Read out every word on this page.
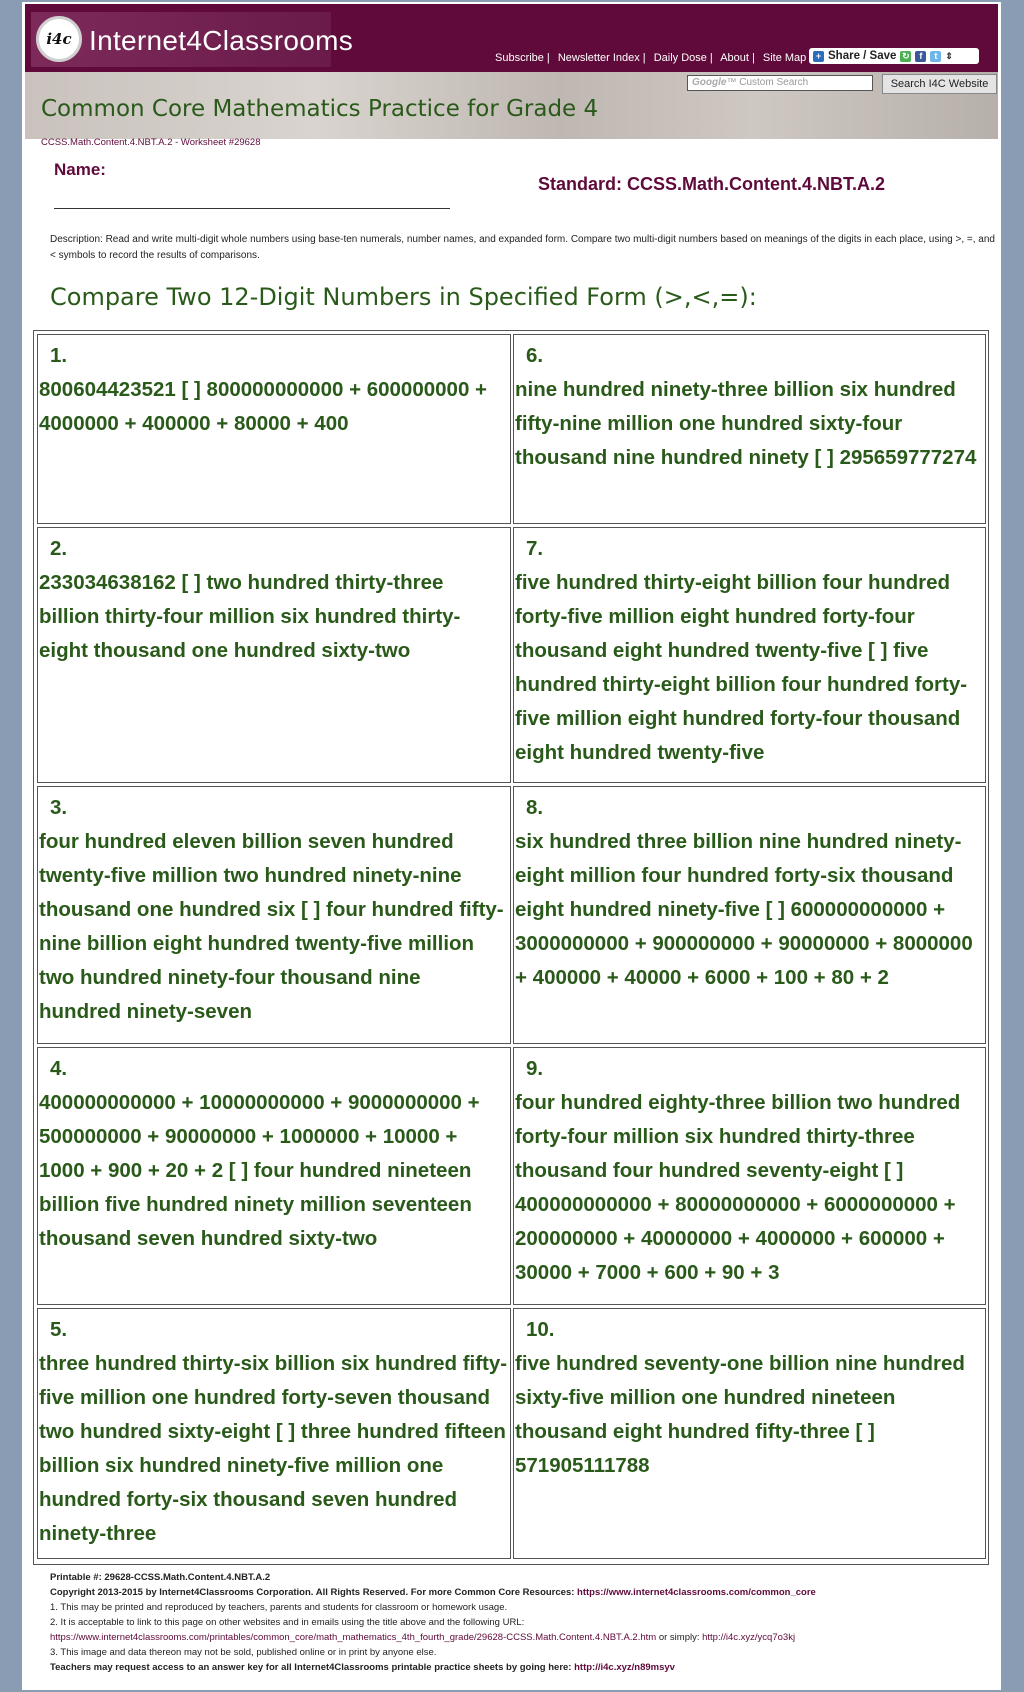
i4c Internet4Classrooms
Subscribe | Newsletter Index | Daily Dose | About | Site Map	+ Share / Save ↻	f	t ⇕
Google™ Custom Search	Search I4C Website
Common Core Mathematics Practice for Grade 4
CCSS.Math.Content.4.NBT.A.2 - Worksheet #29628
Name:
Standard: CCSS.Math.Content.4.NBT.A.2
Description: Read and write multi-digit whole numbers using base-ten numerals, number names, and expanded form. Compare two multi-digit numbers based on meanings of the digits in each place, using >, =, and < symbols to record the results of comparisons.
Compare Two 12-Digit Numbers in Specified Form (>,<,=):
1.
800604423521 [ ] 800000000000 + 600000000 + 4000000 + 400000 + 80000 + 400
2.
233034638162 [ ] two hundred thirty-three billion thirty-four million six hundred thirty-eight thousand one hundred sixty-two
3.
four hundred eleven billion seven hundred twenty-five million two hundred ninety-nine thousand one hundred six [ ] four hundred fifty-nine billion eight hundred twenty-five million two hundred ninety-four thousand nine hundred ninety-seven
4.
400000000000 + 10000000000 + 9000000000 + 500000000 + 90000000 + 1000000 + 10000 + 1000 + 900 + 20 + 2 [ ] four hundred nineteen billion five hundred ninety million seventeen thousand seven hundred sixty-two
5.
three hundred thirty-six billion six hundred fifty-five million one hundred forty-seven thousand two hundred sixty-eight [ ] three hundred fifteen billion six hundred ninety-five million one hundred forty-six thousand seven hundred ninety-three
6.
nine hundred ninety-three billion six hundred fifty-nine million one hundred sixty-four thousand nine hundred ninety [ ] 295659777274
7.
five hundred thirty-eight billion four hundred forty-five million eight hundred forty-four thousand eight hundred twenty-five [ ] five hundred thirty-eight billion four hundred forty-five million eight hundred forty-four thousand eight hundred twenty-five
8.
six hundred three billion nine hundred ninety-eight million four hundred forty-six thousand eight hundred ninety-five [ ] 600000000000 + 3000000000 + 900000000 + 90000000 + 8000000 + 400000 + 40000 + 6000 + 100 + 80 + 2
9.
four hundred eighty-three billion two hundred forty-four million six hundred thirty-three thousand four hundred seventy-eight [ ] 400000000000 + 80000000000 + 6000000000 + 200000000 + 40000000 + 4000000 + 600000 + 30000 + 7000 + 600 + 90 + 3
10.
five hundred seventy-one billion nine hundred sixty-five million one hundred nineteen thousand eight hundred fifty-three [ ] 571905111788
Printable #: 29628-CCSS.Math.Content.4.NBT.A.2
Copyright 2013-2015 by Internet4Classrooms Corporation. All Rights Reserved. For more Common Core Resources: https://www.internet4classrooms.com/common_core
1. This may be printed and reproduced by teachers, parents and students for classroom or homework usage.
2. It is acceptable to link to this page on other websites and in emails using the title above and the following URL:
https://www.internet4classrooms.com/printables/common_core/math_mathematics_4th_fourth_grade/29628-CCSS.Math.Content.4.NBT.A.2.htm or simply: http://i4c.xyz/ycq7o3kj
3. This image and data thereon may not be sold, published online or in print by anyone else.
Teachers may request access to an answer key for all Internet4Classrooms printable practice sheets by going here: http://i4c.xyz/n89msyv
